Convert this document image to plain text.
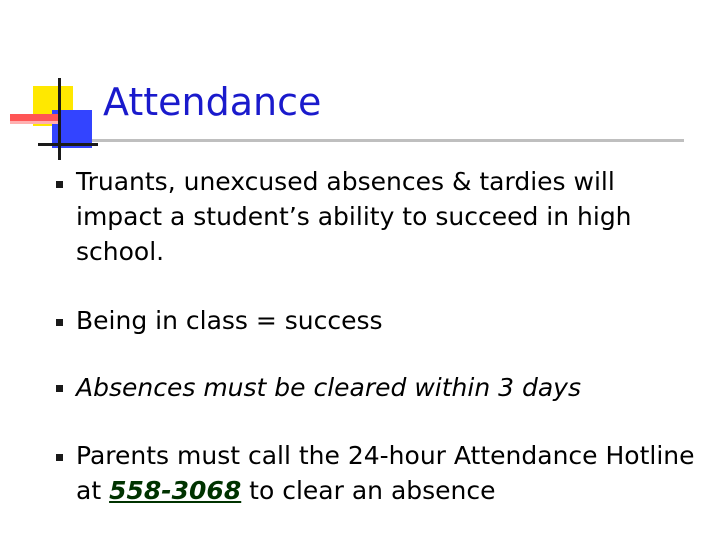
Attendance
Truants, unexcused absences & tardies will impact a student’s ability to succeed in high school.
Being in class = success
Absences must be cleared within 3 days
Parents must call the 24-hour Attendance Hotline at 558-3068 to clear an absence
